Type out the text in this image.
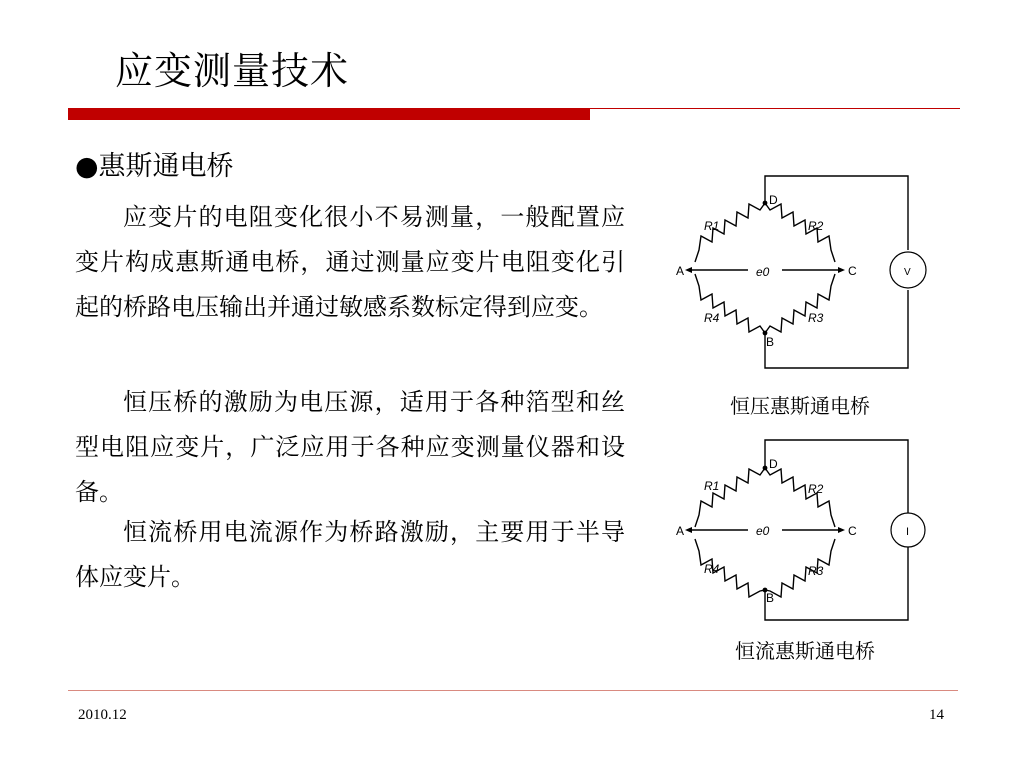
应变测量技术
●惠斯通电桥
应变片的电阻变化很小不易测量，一般配置应变片构成惠斯通电桥，通过测量应变片电阻变化引起的桥路电压输出并通过敏感系数标定得到应变。
恒压桥的激励为电压源，适用于各种箔型和丝型电阻应变片，广泛应用于各种应变测量仪器和设备。
恒流桥用电流源作为桥路激励，主要用于半导体应变片。
D
B
A	C
R1	R2
R3
R4
e0	V
恒压惠斯通电桥
D
B
A	C
R1	R2
R3
R4
e0	I
恒流惠斯通电桥
2010.12	14
